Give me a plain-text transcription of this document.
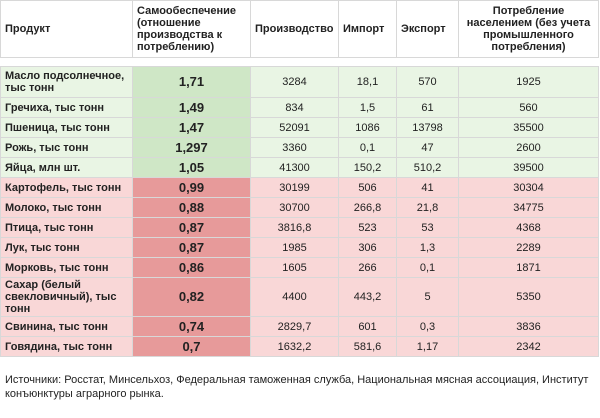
Продукт	Самообеспечение (отношение производства к потреблению)	Производство	Импорт	Экспорт	Потребление населением (без учета промышленного потребления)

Масло подсолнечное, тыс тонн	1,71	3284	18,1	570	1925
Гречиха, тыс тонн	1,49	834	1,5	61	560
Пшеница, тыс тонн	1,47	52091	1086	13798	35500
Рожь, тыс тонн	1,297	3360	0,1	47	2600
Яйца, млн шт.	1,05	41300	150,2	510,2	39500
Картофель, тыс тонн	0,99	30199	506	41	30304
Молоко, тыс тонн	0,88	30700	266,8	21,8	34775
Птица, тыс тонн	0,87	3816,8	523	53	4368
Лук, тыс тонн	0,87	1985	306	1,3	2289
Морковь, тыс тонн	0,86	1605	266	0,1	1871
Сахар (белый свекловичный), тыс тонн	0,82	4400	443,2	5	5350
Свинина, тыс тонн	0,74	2829,7	601	0,3	3836
Говядина, тыс тонн	0,7	1632,2	581,6	1,17	2342
Источники: Росстат, Минсельхоз, Федеральная таможенная служба, Национальная мясная ассоциация, Институт конъюнктуры аграрного рынка.
